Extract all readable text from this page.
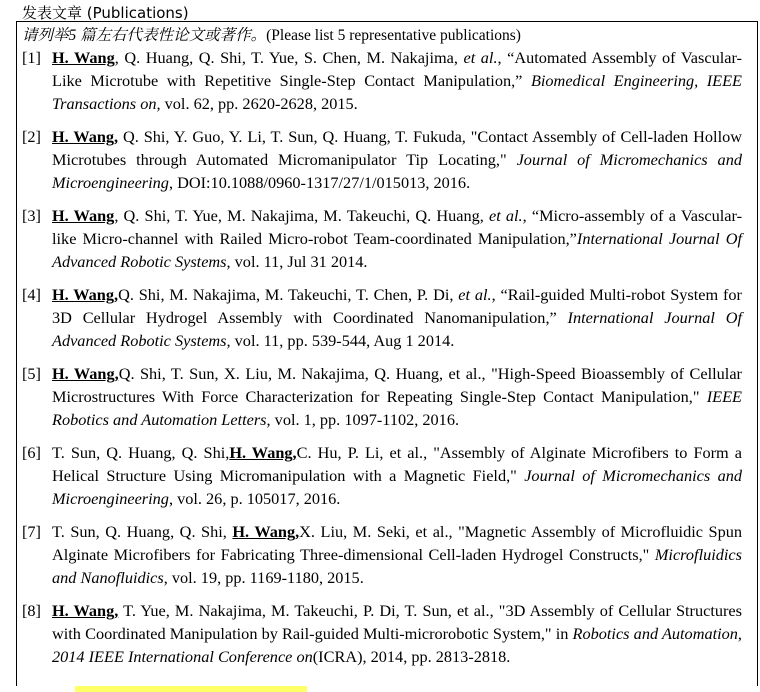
发表文章 (Publications)
请列举5 篇左右代表性论文或著作。(Please list 5 representative publications)
[1] H. Wang, Q. Huang, Q. Shi, T. Yue, S. Chen, M. Nakajima, et al., “Automated Assembly of Vascular-Like Microtube with Repetitive Single-Step Contact Manipulation,” Biomedical Engineering, IEEE Transactions on, vol. 62, pp. 2620-2628, 2015.
[2] H. Wang, Q. Shi, Y. Guo, Y. Li, T. Sun, Q. Huang, T. Fukuda, "Contact Assembly of Cell-laden Hollow Microtubes through Automated Micromanipulator Tip Locating," Journal of Micromechanics and Microengineering, DOI:10.1088/0960-1317/27/1/015013, 2016.
[3] H. Wang, Q. Shi, T. Yue, M. Nakajima, M. Takeuchi, Q. Huang, et al., “Micro-assembly of a Vascular-like Micro-channel with Railed Micro-robot Team-coordinated Manipulation,”International Journal Of Advanced Robotic Systems, vol. 11, Jul 31 2014.
[4] H. Wang,Q. Shi, M. Nakajima, M. Takeuchi, T. Chen, P. Di, et al., “Rail-guided Multi-robot System for 3D Cellular Hydrogel Assembly with Coordinated Nanomanipulation,” International Journal Of Advanced Robotic Systems, vol. 11, pp. 539-544, Aug 1 2014.
[5] H. Wang,Q. Shi, T. Sun, X. Liu, M. Nakajima, Q. Huang, et al., "High-Speed Bioassembly of Cellular Microstructures With Force Characterization for Repeating Single-Step Contact Manipulation," IEEE Robotics and Automation Letters, vol. 1, pp. 1097-1102, 2016.
[6] T. Sun, Q. Huang, Q. Shi,H. Wang,C. Hu, P. Li, et al., "Assembly of Alginate Microfibers to Form a Helical Structure Using Micromanipulation with a Magnetic Field," Journal of Micromechanics and Microengineering, vol. 26, p. 105017, 2016.
[7] T. Sun, Q. Huang, Q. Shi, H. Wang,X. Liu, M. Seki, et al., "Magnetic Assembly of Microfluidic Spun Alginate Microfibers for Fabricating Three-dimensional Cell-laden Hydrogel Constructs," Microfluidics and Nanofluidics, vol. 19, pp. 1169-1180, 2015.
[8] H. Wang, T. Yue, M. Nakajima, M. Takeuchi, P. Di, T. Sun, et al., "3D Assembly of Cellular Structures with Coordinated Manipulation by Rail-guided Multi-microrobotic System," in Robotics and Automation, 2014 IEEE International Conference on(ICRA), 2014, pp. 2813-2818.
